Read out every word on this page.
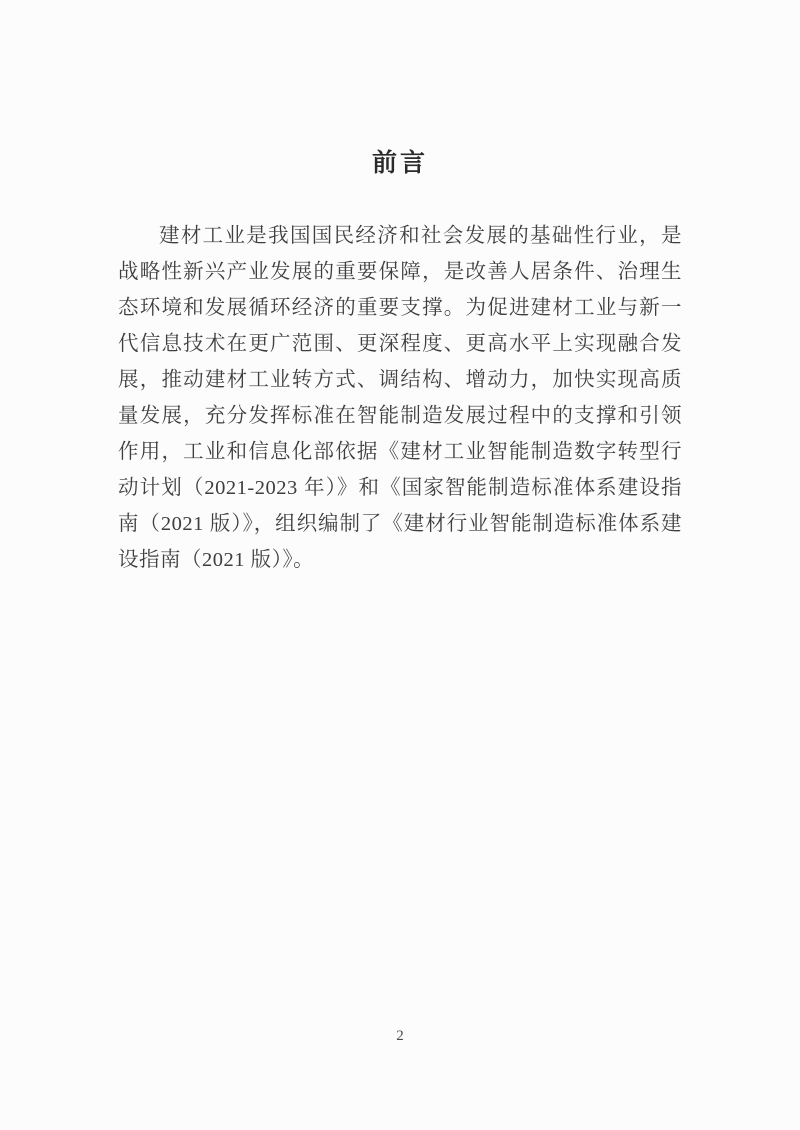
前言
建材工业是我国国民经济和社会发展的基础性行业，是
战略性新兴产业发展的重要保障，是改善人居条件、治理生
态环境和发展循环经济的重要支撑。为促进建材工业与新一
代信息技术在更广范围、更深程度、更高水平上实现融合发
展，推动建材工业转方式、调结构、增动力，加快实现高质
量发展，充分发挥标准在智能制造发展过程中的支撑和引领
作用，工业和信息化部依据《建材工业智能制造数字转型行
动计划（2021-2023 年）》和《国家智能制造标准体系建设指
南（2021 版）》，组织编制了《建材行业智能制造标准体系建
设指南（2021 版）》。
2
